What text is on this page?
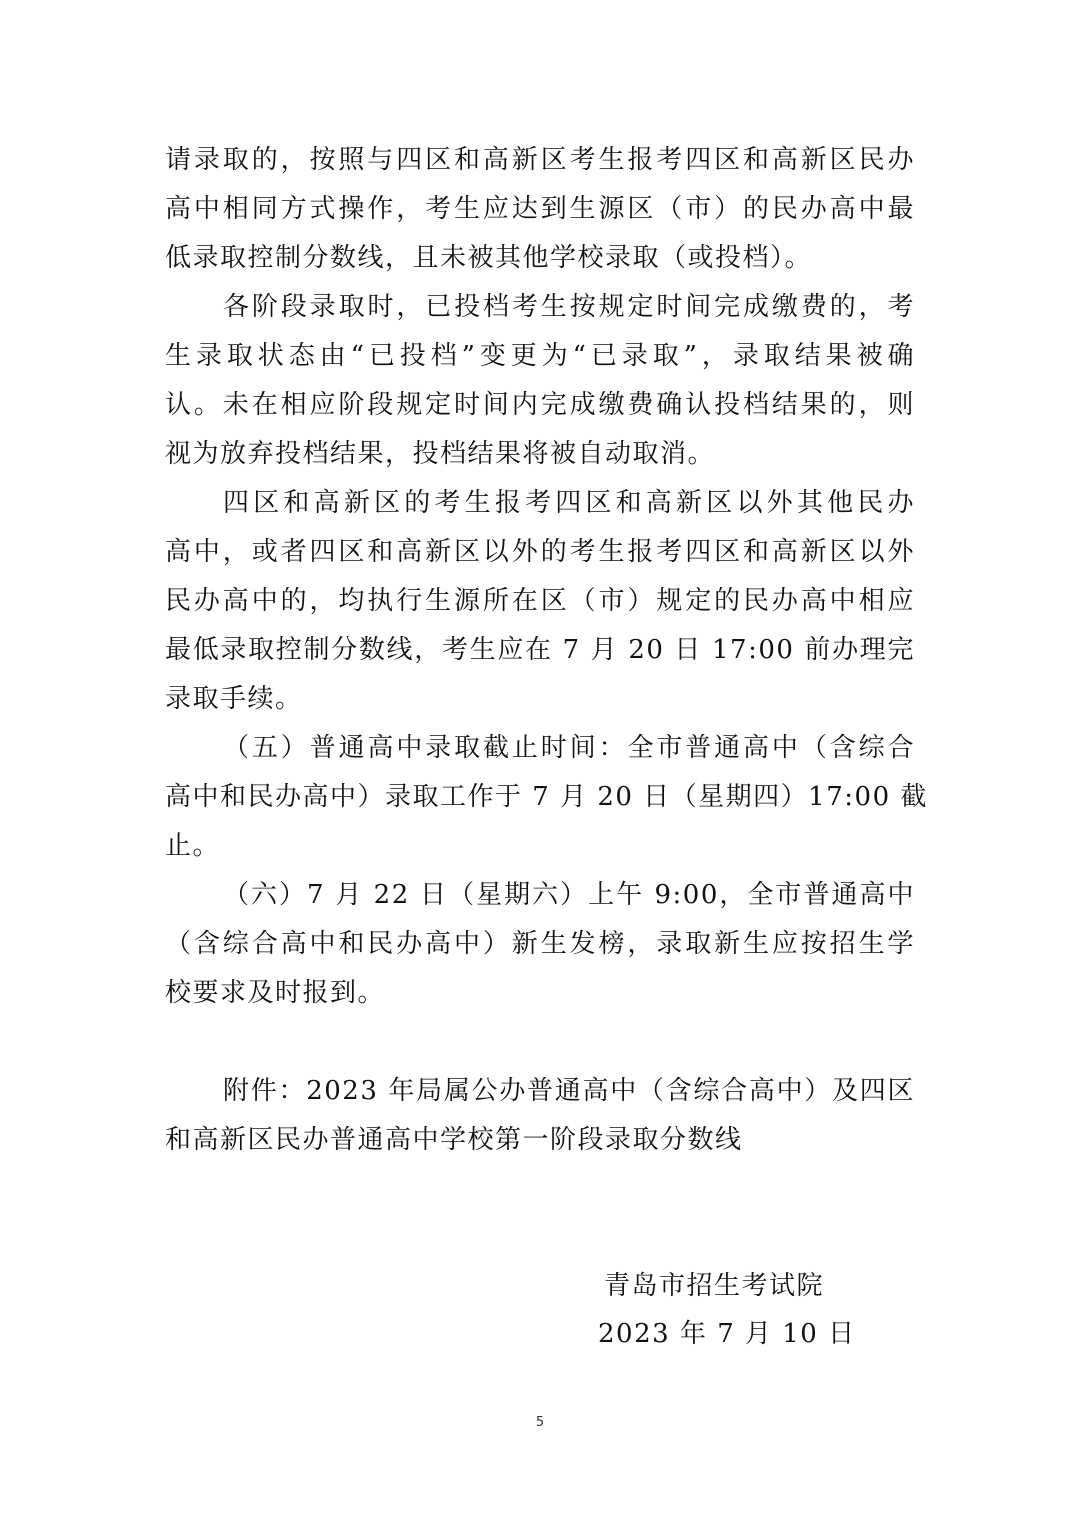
请录取的，按照与四区和高新区考生报考四区和高新区民办
高中相同方式操作，考生应达到生源区（市）的民办高中最
低录取控制分数线，且未被其他学校录取（或投档）。
各阶段录取时，已投档考生按规定时间完成缴费的，考
生录取状态由“已投档”变更为“已录取”，录取结果被确
认。未在相应阶段规定时间内完成缴费确认投档结果的，则
视为放弃投档结果，投档结果将被自动取消。
四区和高新区的考生报考四区和高新区以外其他民办
高中，或者四区和高新区以外的考生报考四区和高新区以外
民办高中的，均执行生源所在区（市）规定的民办高中相应
最低录取控制分数线，考生应在 7 月 20 日 17:00 前办理完
录取手续。
（五）普通高中录取截止时间：全市普通高中（含综合
高中和民办高中）录取工作于 7 月 20 日（星期四）17:00 截
止。
（六）7 月 22 日（星期六）上午 9:00，全市普通高中
（含综合高中和民办高中）新生发榜，录取新生应按招生学
校要求及时报到。
附件：2023 年局属公办普通高中（含综合高中）及四区
和高新区民办普通高中学校第一阶段录取分数线
青岛市招生考试院
2023 年 7 月 10 日
5
